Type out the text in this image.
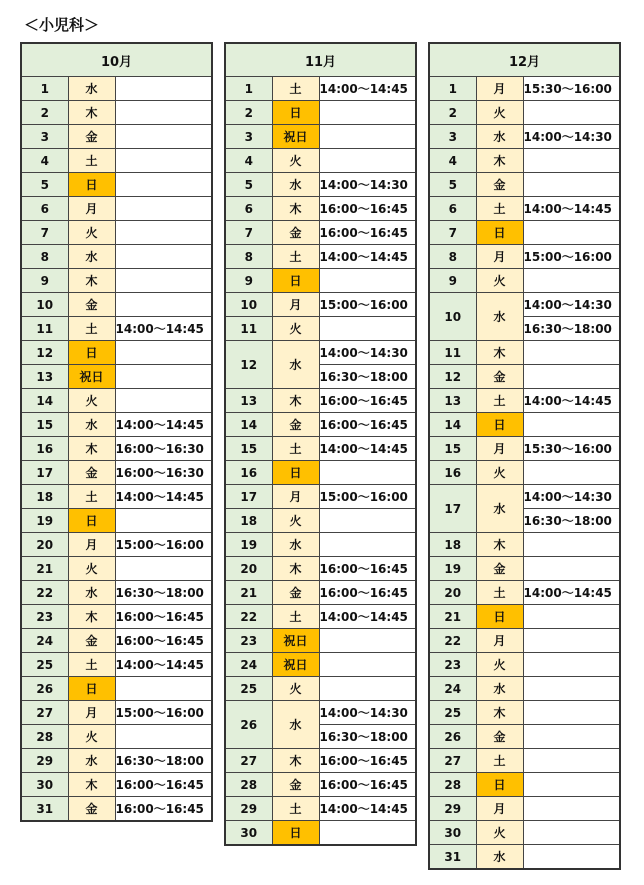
＜小児科＞
10月		
1	水	
2	木	
3	金	
4	土	
5	日	
6	月	
7	火	
8	水	
9	木	
10	金	
11	土	14:00～14:45
12	日	
13	祝日	
14	火	
15	水	14:00～14:45
16	木	16:00～16:30
17	金	16:00～16:30
18	土	14:00～14:45
19	日	
20	月	15:00～16:00
21	火	
22	水	16:30～18:00
23	木	16:00～16:45
24	金	16:00～16:45
25	土	14:00～14:45
26	日	
27	月	15:00～16:00
28	火	
29	水	16:30～18:00
30	木	16:00～16:45
31	金	16:00～16:45
11月		
1	土	14:00～14:45
2	日	
3	祝日	
4	火	
5	水	14:00～14:30
6	木	16:00～16:45
7	金	16:00～16:45
8	土	14:00～14:45
9	日	
10	月	15:00～16:00
11	火	
12	水	14:00～14:30
		16:30～18:00
13	木	16:00～16:45
14	金	16:00～16:45
15	土	14:00～14:45
16	日	
17	月	15:00～16:00
18	火	
19	水	
20	木	16:00～16:45
21	金	16:00～16:45
22	土	14:00～14:45
23	祝日	
24	祝日	
25	火	
26	水	14:00～14:30
		16:30～18:00
27	木	16:00～16:45
28	金	16:00～16:45
29	土	14:00～14:45
30	日	
12月		
1	月	15:30～16:00
2	火	
3	水	14:00～14:30
4	木	
5	金	
6	土	14:00～14:45
7	日	
8	月	15:00～16:00
9	火	
10	水	14:00～14:30
		16:30～18:00
11	木	
12	金	
13	土	14:00～14:45
14	日	
15	月	15:30～16:00
16	火	
17	水	14:00～14:30
		16:30～18:00
18	木	
19	金	
20	土	14:00～14:45
21	日	
22	月	
23	火	
24	水	
25	木	
26	金	
27	土	
28	日	
29	月	
30	火	
31	水	
